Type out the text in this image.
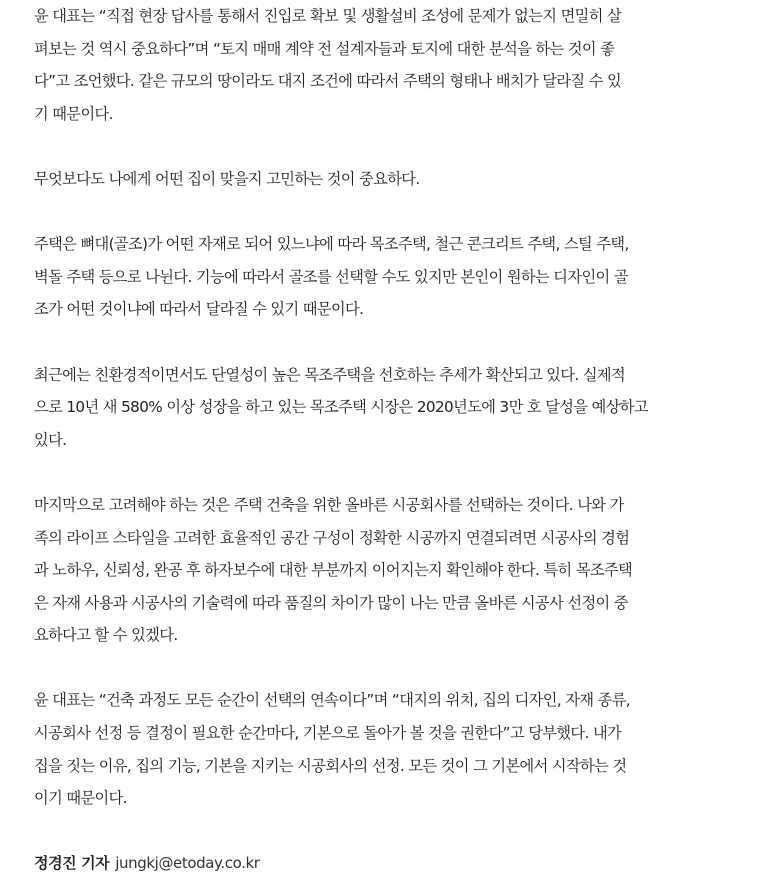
윤 대표는 “직접 현장 답사를 통해서 진입로 확보 및 생활설비 조성에 문제가 없는지 면밀히 살
펴보는 것 역시 중요하다”며 “토지 매매 계약 전 설계자들과 토지에 대한 분석을 하는 것이 좋
다”고 조언했다. 같은 규모의 땅이라도 대지 조건에 따라서 주택의 형태나 배치가 달라질 수 있
기 때문이다.

무엇보다도 나에게 어떤 집이 맞을지 고민하는 것이 중요하다.

주택은 뼈대(골조)가 어떤 자재로 되어 있느냐에 따라 목조주택, 철근 콘크리트 주택, 스틸 주택,
벽돌 주택 등으로 나뉜다. 기능에 따라서 골조를 선택할 수도 있지만 본인이 원하는 디자인이 골
조가 어떤 것이냐에 따라서 달라질 수 있기 때문이다.

최근에는 친환경적이면서도 단열성이 높은 목조주택을 선호하는 추세가 확산되고 있다. 실제적
으로 10년 새 580% 이상 성장을 하고 있는 목조주택 시장은 2020년도에 3만 호 달성을 예상하고
있다.

마지막으로 고려해야 하는 것은 주택 건축을 위한 올바른 시공회사를 선택하는 것이다. 나와 가
족의 라이프 스타일을 고려한 효율적인 공간 구성이 정확한 시공까지 연결되려면 시공사의 경험
과 노하우, 신뢰성, 완공 후 하자보수에 대한 부분까지 이어지는지 확인해야 한다. 특히 목조주택
은 자재 사용과 시공사의 기술력에 따라 품질의 차이가 많이 나는 만큼 올바른 시공사 선정이 중
요하다고 할 수 있겠다.

윤 대표는 “건축 과정도 모든 순간이 선택의 연속이다”며 “대지의 위치, 집의 디자인, 자재 종류,
시공회사 선정 등 결정이 필요한 순간마다, 기본으로 돌아가 볼 것을 권한다”고 당부했다. 내가
집을 짓는 이유, 집의 기능, 기본을 지키는 시공회사의 선정. 모든 것이 그 기본에서 시작하는 것
이기 때문이다.

정경진 기자 jungkj@etoday.co.kr
